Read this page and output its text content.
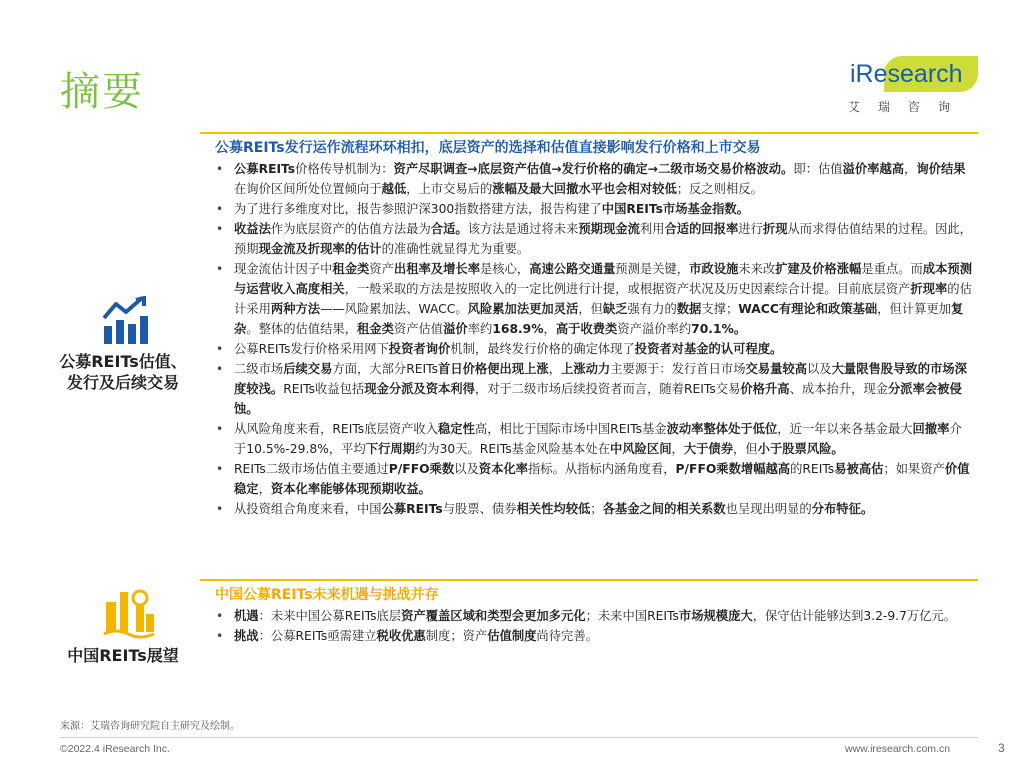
摘要	iResearch
艾瑞咨询
公募REITs估值、
发行及后续交易
公募REITs发行运作流程环环相扣，底层资产的选择和估值直接影响发行价格和上市交易
• 公募REITs价格传导机制为：资产尽职调查→底层资产估值→发行价格的确定→二级市场交易价格波动。即：估值溢价率越高，询价结果在询价区间所处位置倾向于越低，上市交易后的涨幅及最大回撤水平也会相对较低；反之则相反。
• 为了进行多维度对比，报告参照沪深300指数搭建方法，报告构建了中国REITs市场基金指数。
• 收益法作为底层资产的估值方法最为合适。该方法是通过将未来预期现金流利用合适的回报率进行折现从而求得估值结果的过程。因此，预期现金流及折现率的估计的准确性就显得尤为重要。
• 现金流估计因子中租金类资产出租率及增长率是核心，高速公路交通量预测是关键，市政设施未来改扩建及价格涨幅是重点。而成本预测与运营收入高度相关，一般采取的方法是按照收入的一定比例进行计提，或根据资产状况及历史因素综合计提。目前底层资产折现率的估计采用两种方法——风险累加法、WACC。风险累加法更加灵活，但缺乏强有力的数据支撑；WACC有理论和政策基础，但计算更加复杂。整体的估值结果，租金类资产估值溢价率约168.9%，高于收费类资产溢价率约70.1%。
• 公募REITs发行价格采用网下投资者询价机制，最终发行价格的确定体现了投资者对基金的认可程度。
• 二级市场后续交易方面，大部分REITs首日价格便出现上涨，上涨动力主要源于：发行首日市场交易量较高以及大量限售股导致的市场深度较浅。REITs收益包括现金分派及资本利得，对于二级市场后续投资者而言，随着REITs交易价格升高、成本抬升，现金分派率会被侵蚀。
• 从风险角度来看，REITs底层资产收入稳定性高，相比于国际市场中国REITs基金波动率整体处于低位，近一年以来各基金最大回撤率介于10.5%-29.8%，平均下行周期约为30天。REITs基金风险基本处在中风险区间，大于债券，但小于股票风险。
• REITs二级市场估值主要通过P/FFO乘数以及资本化率指标。从指标内涵角度看，P/FFO乘数增幅越高的REITs易被高估；如果资产价值稳定，资本化率能够体现预期收益。
• 从投资组合角度来看，中国公募REITs与股票、债券相关性均较低；各基金之间的相关系数也呈现出明显的分布特征。
中国REITs展望
中国公募REITs未来机遇与挑战并存
• 机遇：未来中国公募REITs底层资产覆盖区域和类型会更加多元化；未来中国REITs市场规模庞大，保守估计能够达到3.2-9.7万亿元。
• 挑战：公募REITs亟需建立税收优惠制度；资产估值制度尚待完善。
来源：艾瑞咨询研究院自主研究及绘制。
©2022.4 iResearch Inc.	www.iresearch.com.cn	3
